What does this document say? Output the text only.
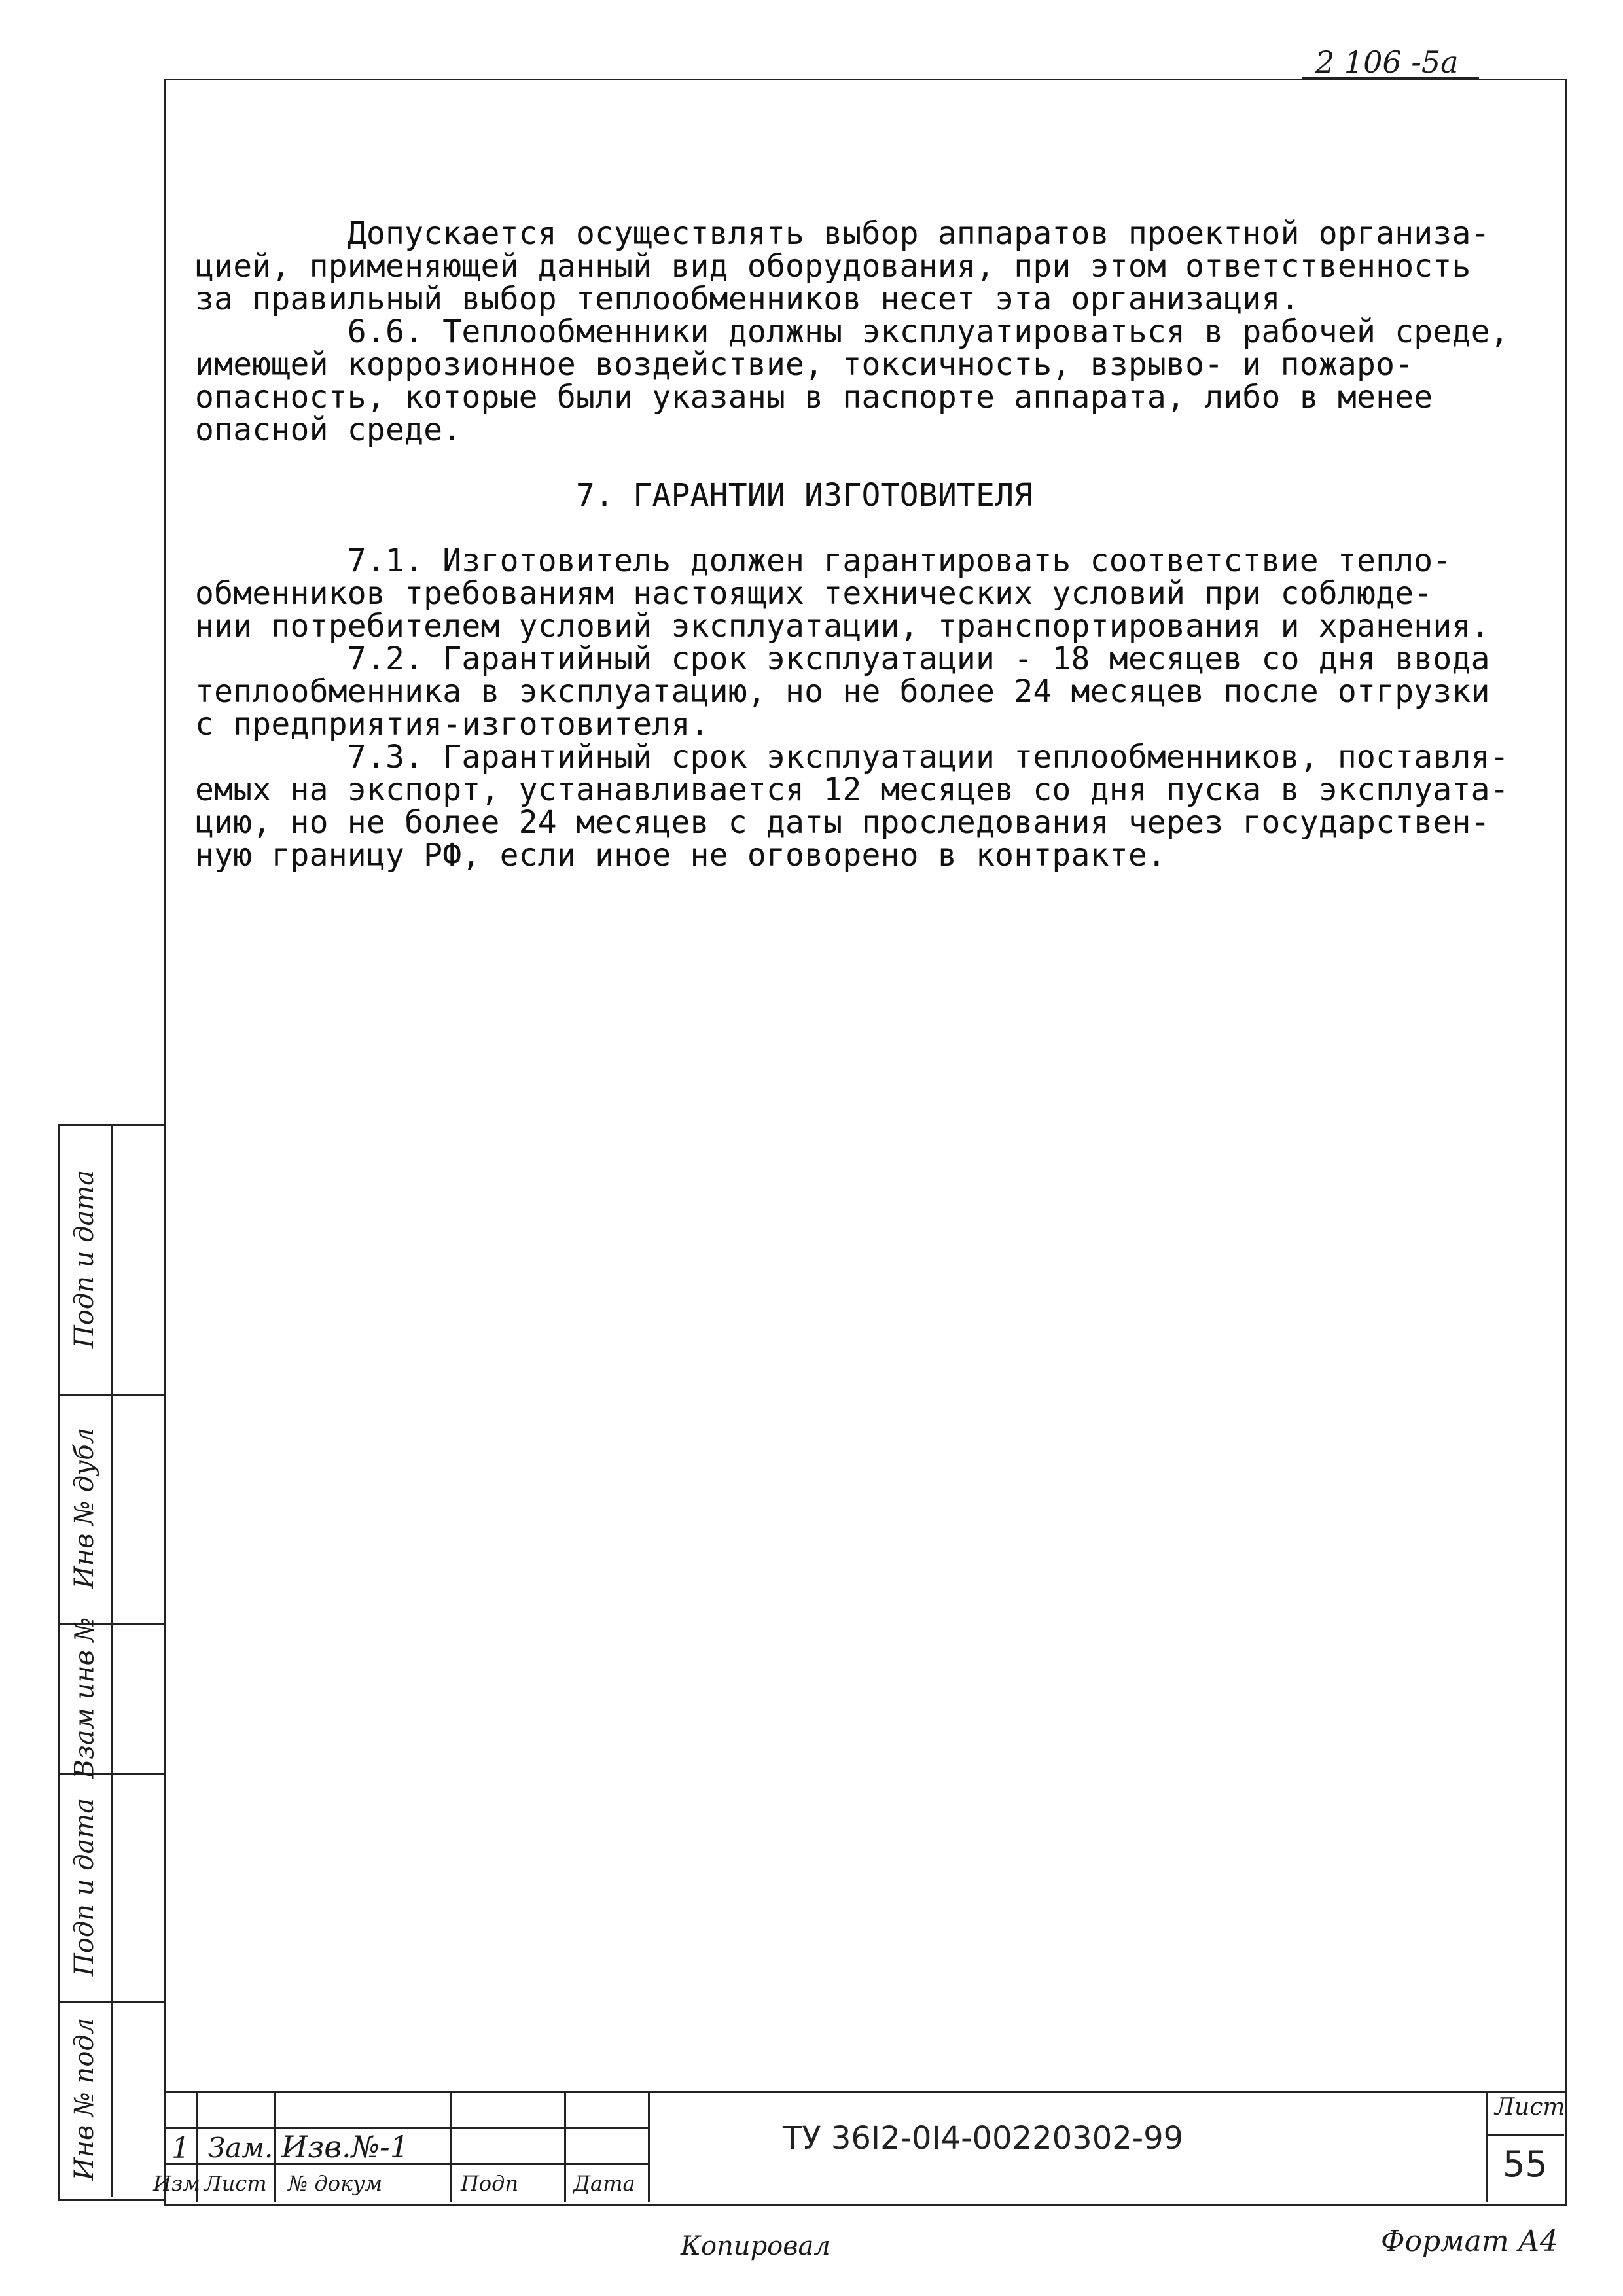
2 106 -5a
Допускается осуществлять выбор аппаратов проектной организа-
цией, применяющей данный вид оборудования, при этом ответственность
за правильный выбор теплообменников несет эта организация.
6.6. Теплообменники должны эксплуатироваться в рабочей среде,
имеющей коррозионное воздействие, токсичность, взрыво- и пожаро-
опасность, которые были указаны в паспорте аппарата, либо в менее
опасной среде.
7. ГАРАНТИИ ИЗГОТОВИТЕЛЯ
7.1. Изготовитель должен гарантировать соответствие тепло-
обменников требованиям настоящих технических условий при соблюде-
нии потребителем условий эксплуатации, транспортирования и хранения.
7.2. Гарантийный срок эксплуатации - 18 месяцев со дня ввода
теплообменника в эксплуатацию, но не более 24 месяцев после отгрузки
с предприятия-изготовителя.
7.3. Гарантийный срок эксплуатации теплообменников, поставля-
емых на экспорт, устанавливается 12 месяцев со дня пуска в эксплуата-
цию, но не более 24 месяцев с даты проследования через государствен-
ную границу РФ, если иное не оговорено в контракте.
Подп и дата
Инв № дубл
Взам инв №
Подп и дата
Инв № подл	1 Зам. Изв.№-1
Изм Лист № докум	Подп	Дата
ТУ 36I2-0I4-00220302-99
Лист
55
Копировал	Формат А4
